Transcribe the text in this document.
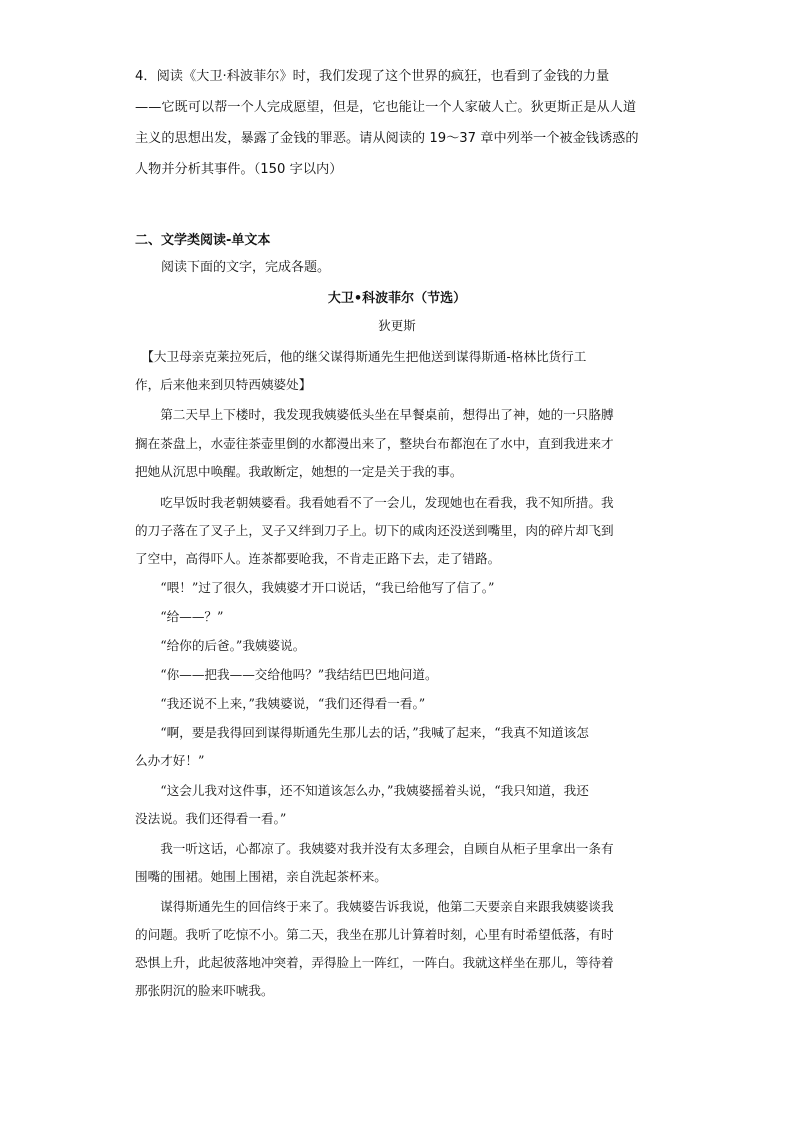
4．阅读《大卫·科波菲尔》时，我们发现了这个世界的疯狂，也看到了金钱的力量
——它既可以帮一个人完成愿望，但是，它也能让一个人家破人亡。狄更斯正是从人道
主义的思想出发，暴露了金钱的罪恶。请从阅读的 19～37 章中列举一个被金钱诱惑的
人物并分析其事件。（150 字以内）
二、文学类阅读-单文本
阅读下面的文字，完成各题。
大卫•科波菲尔（节选）
狄更斯
　【大卫母亲克莱拉死后，他的继父谋得斯通先生把他送到谋得斯通-格林比货行工
作，后来他来到贝特西姨婆处】
　　第二天早上下楼时，我发现我姨婆低头坐在早餐桌前，想得出了神，她的一只胳膊
搁在茶盘上，水壶往茶壶里倒的水都漫出来了，整块台布都泡在了水中，直到我进来才
把她从沉思中唤醒。我敢断定，她想的一定是关于我的事。
　　吃早饭时我老朝姨婆看。我看她看不了一会儿，发现她也在看我，我不知所措。我
的刀子落在了叉子上，叉子又绊到刀子上。切下的咸肉还没送到嘴里，肉的碎片却飞到
了空中，高得吓人。连茶都要呛我，不肯走正路下去，走了错路。
　　“喂！”过了很久，我姨婆才开口说话，“我已给他写了信了。”
　　“给——？”
　　“给你的后爸。”我姨婆说。
　　“你——把我——交给他吗？”我结结巴巴地问道。
　　“我还说不上来，”我姨婆说，“我们还得看一看。”
　　“啊，要是我得回到谋得斯通先生那儿去的话，”我喊了起来，“我真不知道该怎
么办才好！”
　　“这会儿我对这件事，还不知道该怎么办，”我姨婆摇着头说，“我只知道，我还
没法说。我们还得看一看。”
　　我一听这话，心都凉了。我姨婆对我并没有太多理会，自顾自从柜子里拿出一条有
围嘴的围裙。她围上围裙，亲自洗起茶杯来。
　　谋得斯通先生的回信终于来了。我姨婆告诉我说，他第二天要亲自来跟我姨婆谈我
的问题。我听了吃惊不小。第二天，我坐在那儿计算着时刻，心里有时希望低落，有时
恐惧上升，此起彼落地冲突着，弄得脸上一阵红，一阵白。我就这样坐在那儿，等待着
那张阴沉的脸来吓唬我。
